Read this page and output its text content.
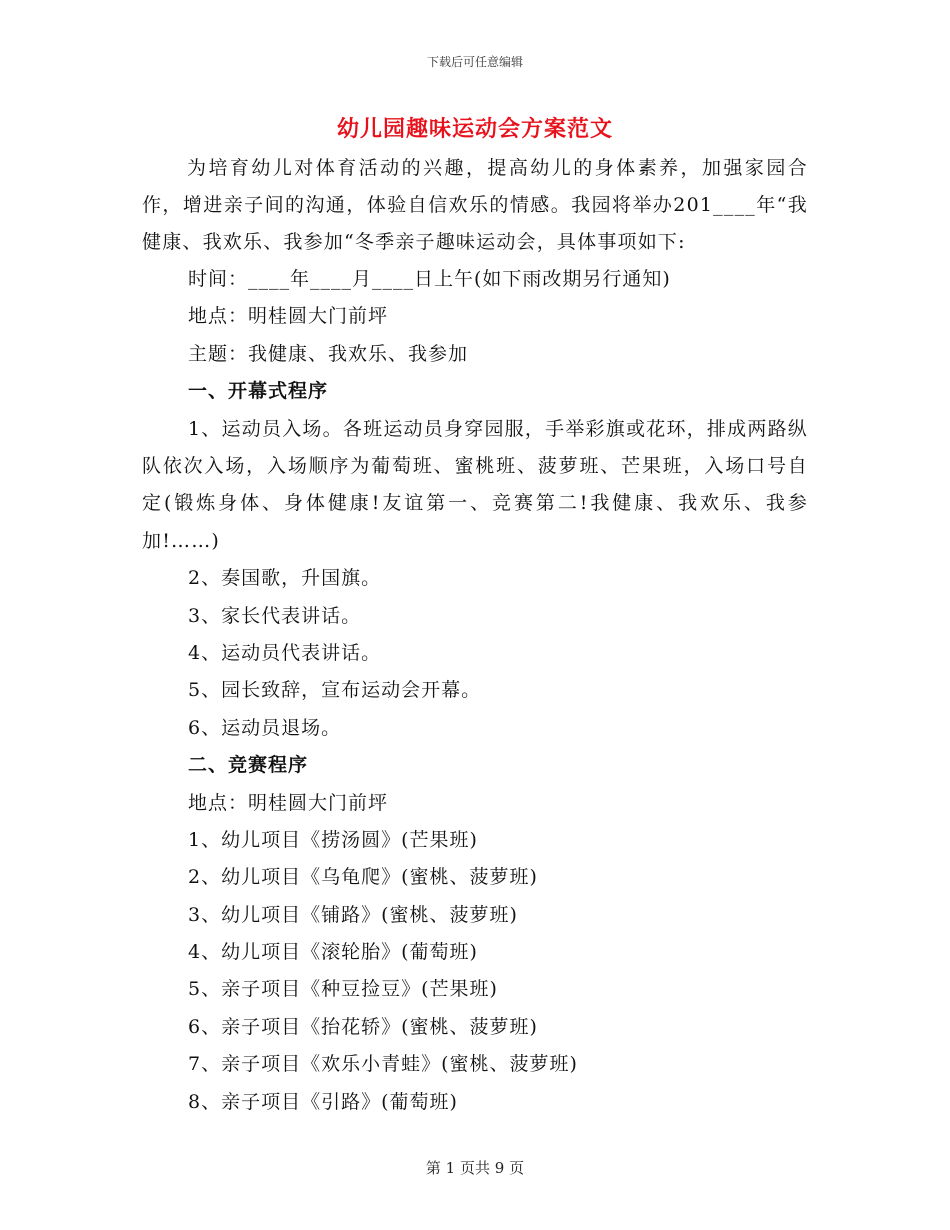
下载后可任意编辑
幼儿园趣味运动会方案范文

为培育幼儿对体育活动的兴趣，提高幼儿的身体素养，加强家园合作，增进亲子间的沟通，体验自信欢乐的情感。我园将举办201____年“我健康、我欢乐、我参加“冬季亲子趣味运动会，具体事项如下:

时间：____年____月____日上午(如下雨改期另行通知)

地点：明桂圆大门前坪

主题：我健康、我欢乐、我参加

一、开幕式程序

1、运动员入场。各班运动员身穿园服，手举彩旗或花环，排成两路纵队依次入场，入场顺序为葡萄班、蜜桃班、菠萝班、芒果班，入场口号自定(锻炼身体、身体健康!友谊第一、竞赛第二!我健康、我欢乐、我参加!……)

2、奏国歌，升国旗。

3、家长代表讲话。

4、运动员代表讲话。

5、园长致辞，宣布运动会开幕。

6、运动员退场。

二、竞赛程序

地点：明桂圆大门前坪

1、幼儿项目《捞汤圆》(芒果班)

2、幼儿项目《乌龟爬》(蜜桃、菠萝班)

3、幼儿项目《铺路》(蜜桃、菠萝班)

4、幼儿项目《滚轮胎》(葡萄班)

5、亲子项目《种豆捡豆》(芒果班)

6、亲子项目《抬花轿》(蜜桃、菠萝班)

7、亲子项目《欢乐小青蛙》(蜜桃、菠萝班)

8、亲子项目《引路》(葡萄班)

第 1 页共 9 页
